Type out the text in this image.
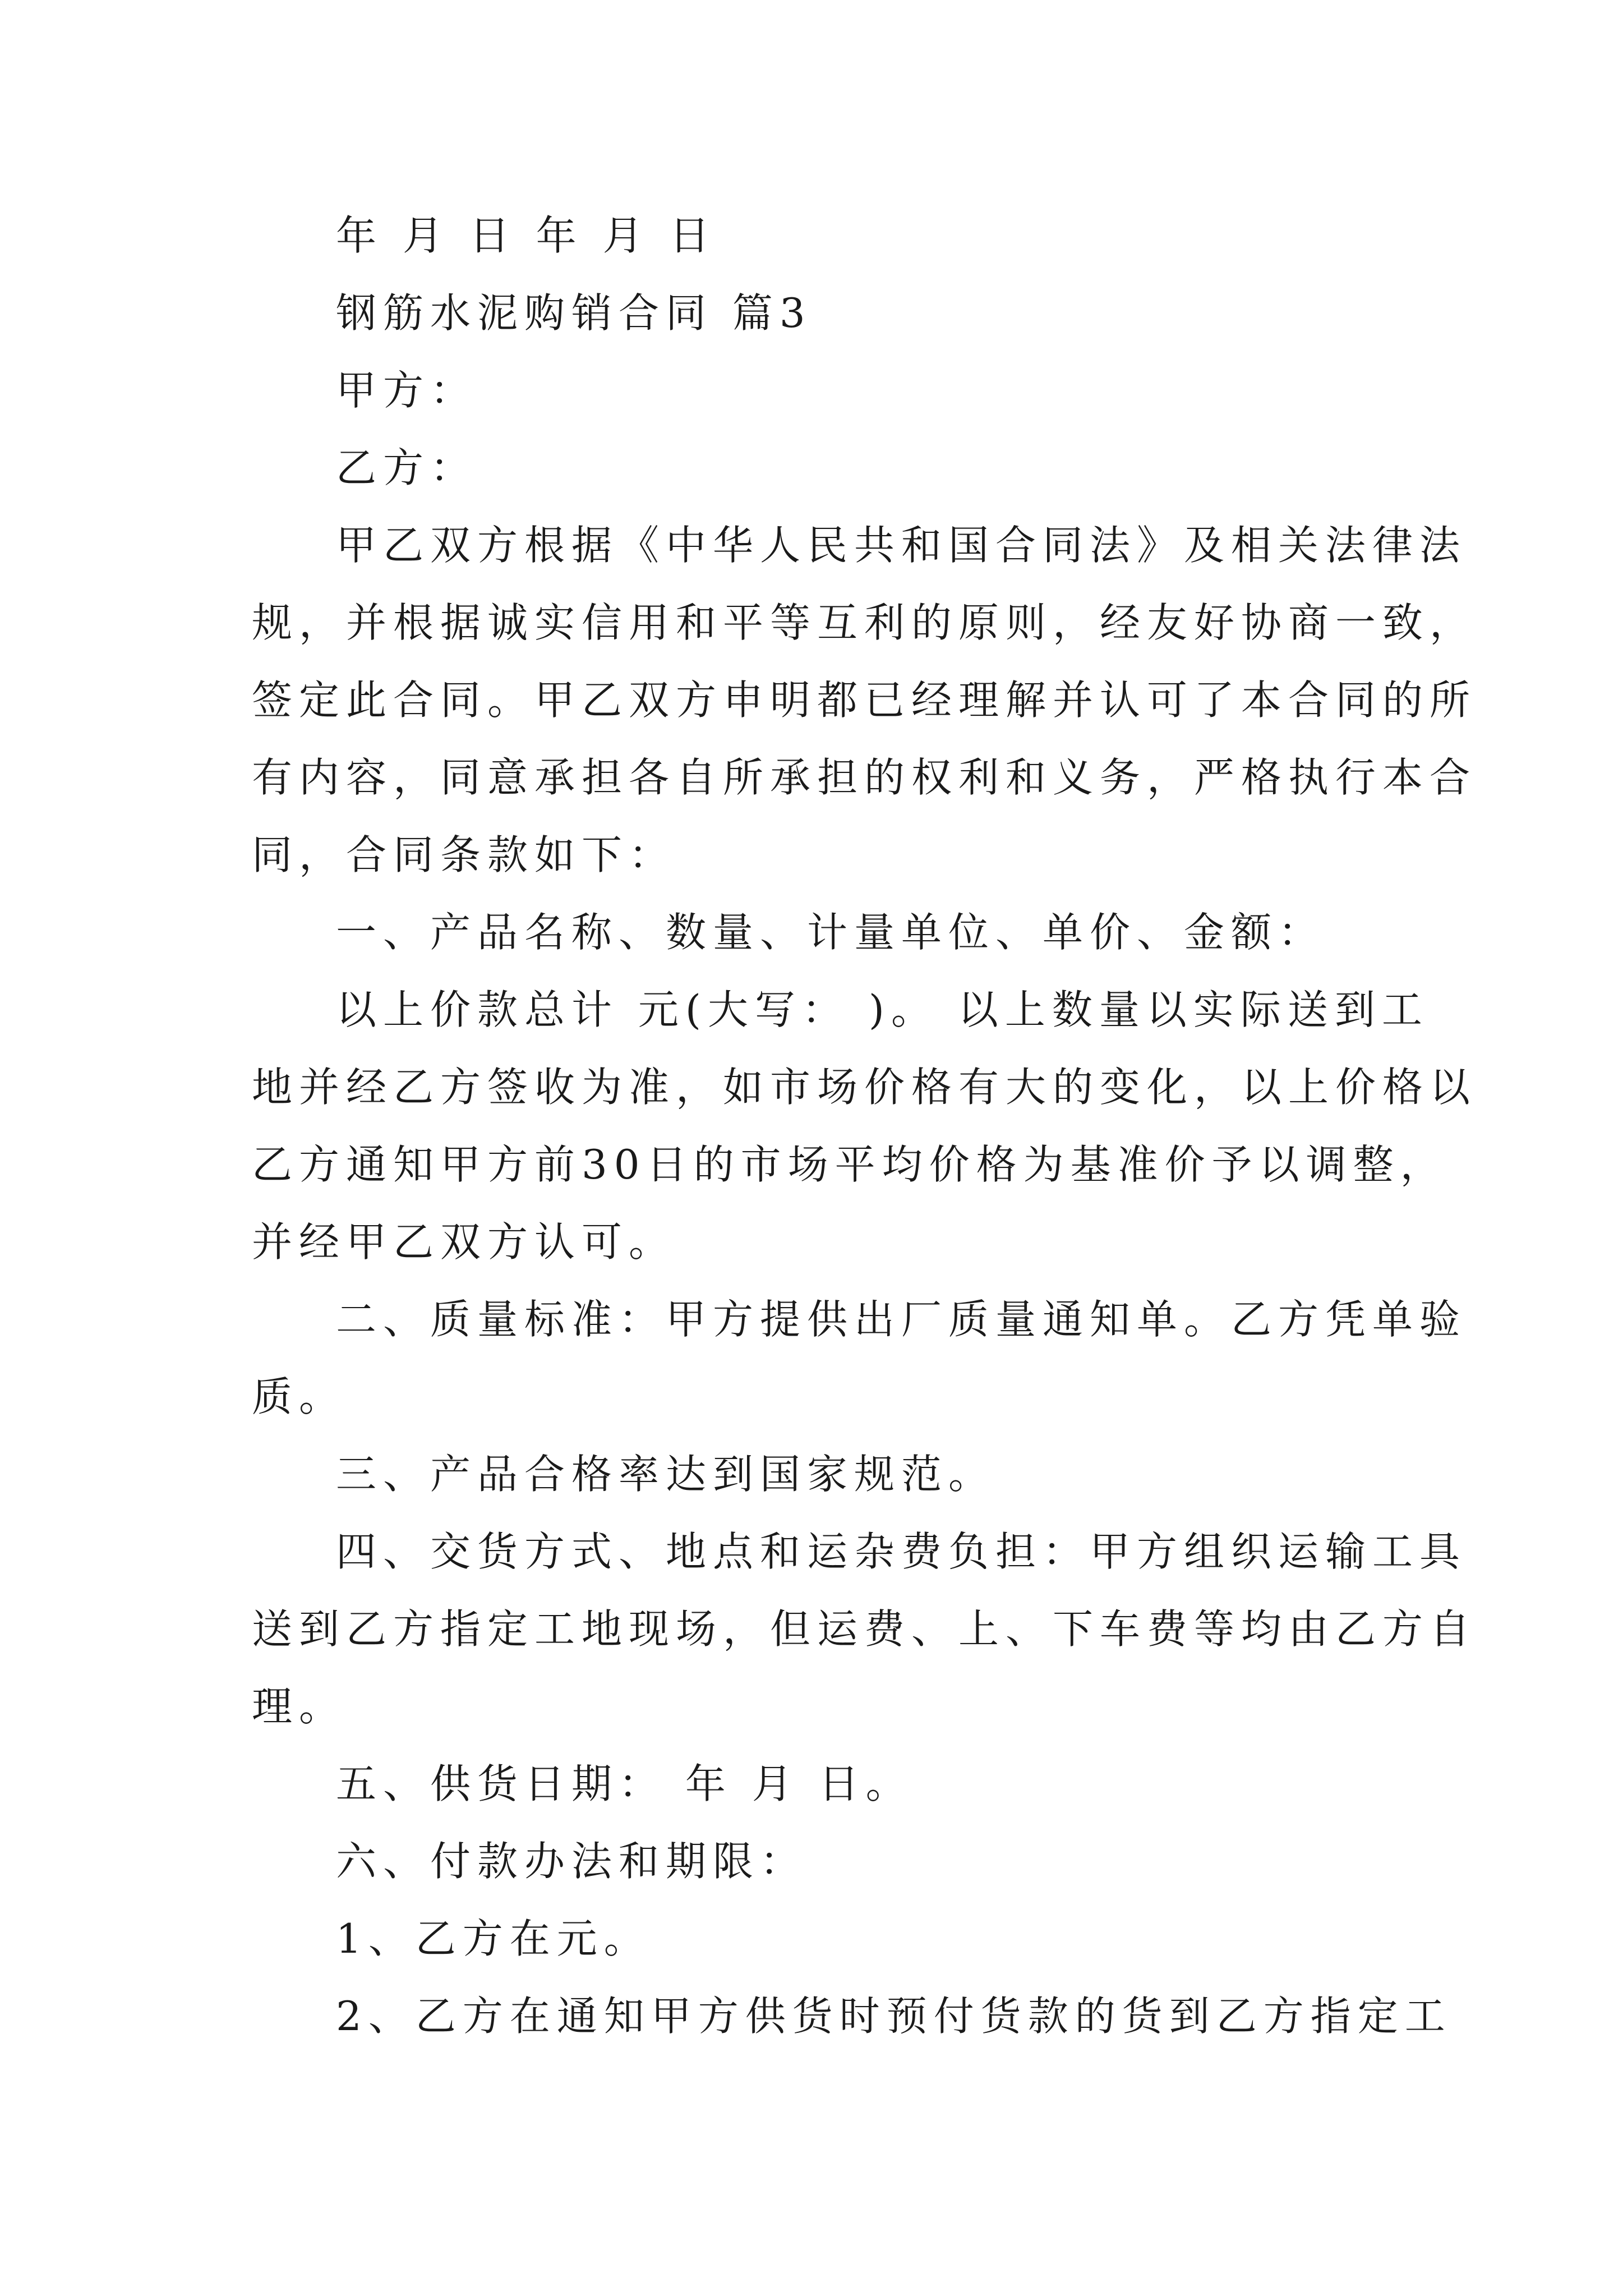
年 月 日 年 月 日
钢筋水泥购销合同 篇3
甲方：
乙方：
甲乙双方根据《中华人民共和国合同法》及相关法律法
规，并根据诚实信用和平等互利的原则，经友好协商一致，
签定此合同。甲乙双方申明都已经理解并认可了本合同的所
有内容，同意承担各自所承担的权利和义务，严格执行本合
同，合同条款如下：
一、产品名称、数量、计量单位、单价、金额：
以上价款总计 元(大写： )。 以上数量以实际送到工
地并经乙方签收为准，如市场价格有大的变化，以上价格以
乙方通知甲方前30日的市场平均价格为基准价予以调整，
并经甲乙双方认可。
二、质量标准：甲方提供出厂质量通知单。乙方凭单验
质。
三、产品合格率达到国家规范。
四、交货方式、地点和运杂费负担：甲方组织运输工具
送到乙方指定工地现场，但运费、上、下车费等均由乙方自
理。
五、供货日期： 年 月 日。
六、付款办法和期限：
1、乙方在元。
2、乙方在通知甲方供货时预付货款的货到乙方指定工
